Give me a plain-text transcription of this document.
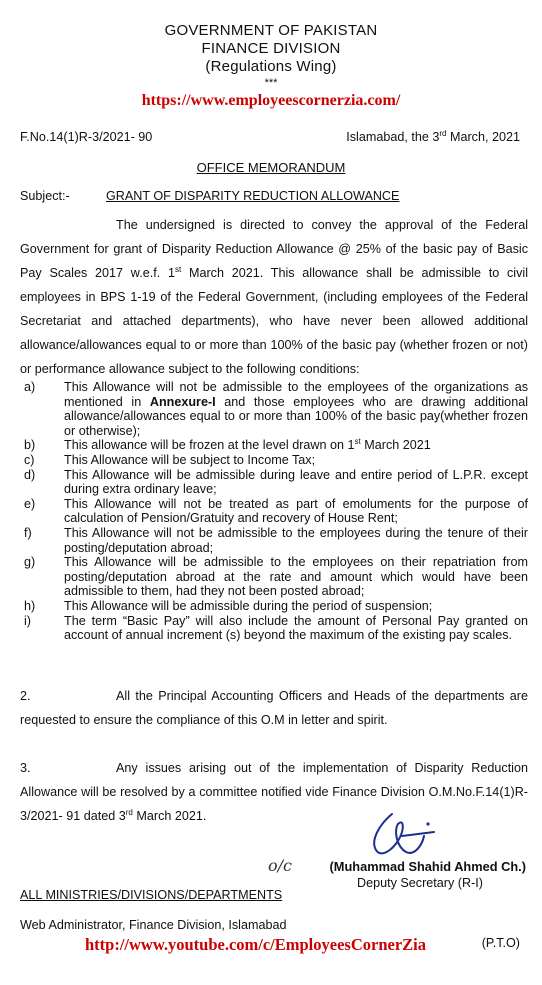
GOVERNMENT OF PAKISTAN
FINANCE DIVISION
(Regulations Wing)
***
https://www.employeescornerzia.com/
F.No.14(1)R-3/2021- 90	Islamabad, the 3rd March, 2021
OFFICE MEMORANDUM
Subject:-	GRANT OF DISPARITY REDUCTION ALLOWANCE
The undersigned is directed to convey the approval of the Federal Government for grant of Disparity Reduction Allowance @ 25% of the basic pay of Basic Pay Scales 2017 w.e.f. 1st March 2021. This allowance shall be admissible to civil employees in BPS 1-19 of the Federal Government, (including employees of the Federal Secretariat and attached departments), who have never been allowed additional allowance/allowances equal to or more than 100% of the basic pay (whether frozen or not) or performance allowance subject to the following conditions:
a) This Allowance will not be admissible to the employees of the organizations as mentioned in Annexure-I and those employees who are drawing additional allowance/allowances equal to or more than 100% of the basic pay(whether frozen or otherwise);
b) This allowance will be frozen at the level drawn on 1st March 2021
c) This Allowance will be subject to Income Tax;
d) This Allowance will be admissible during leave and entire period of L.P.R. except during extra ordinary leave;
e) This Allowance will not be treated as part of emoluments for the purpose of calculation of Pension/Gratuity and recovery of House Rent;
f)	This Allowance will not be admissible to the employees during the tenure of their posting/deputation abroad;
g) This Allowance will be admissible to the employees on their repatriation from posting/deputation abroad at the rate and amount which would have been admissible to them, had they not been posted abroad;
h) This Allowance will be admissible during the period of suspension;
i)	The term “Basic Pay” will also include the amount of Personal Pay granted on account of annual increment (s) beyond the maximum of the existing pay scales.
2.	All the Principal Accounting Officers and Heads of the departments are requested to ensure the compliance of this O.M in letter and spirit.
3.	Any issues arising out of the implementation of Disparity Reduction Allowance will be resolved by a committee notified vide Finance Division O.M.No.F.14(1)R-3/2021- 91 dated 3rd March 2021.
o/c	(Muhammad Shahid Ahmed Ch.)
Deputy Secretary (R-I)
ALL MINISTRIES/DIVISIONS/DEPARTMENTS
Web Administrator, Finance Division, Islamabad
http://www.youtube.com/c/EmployeesCornerZia	(P.T.O)
